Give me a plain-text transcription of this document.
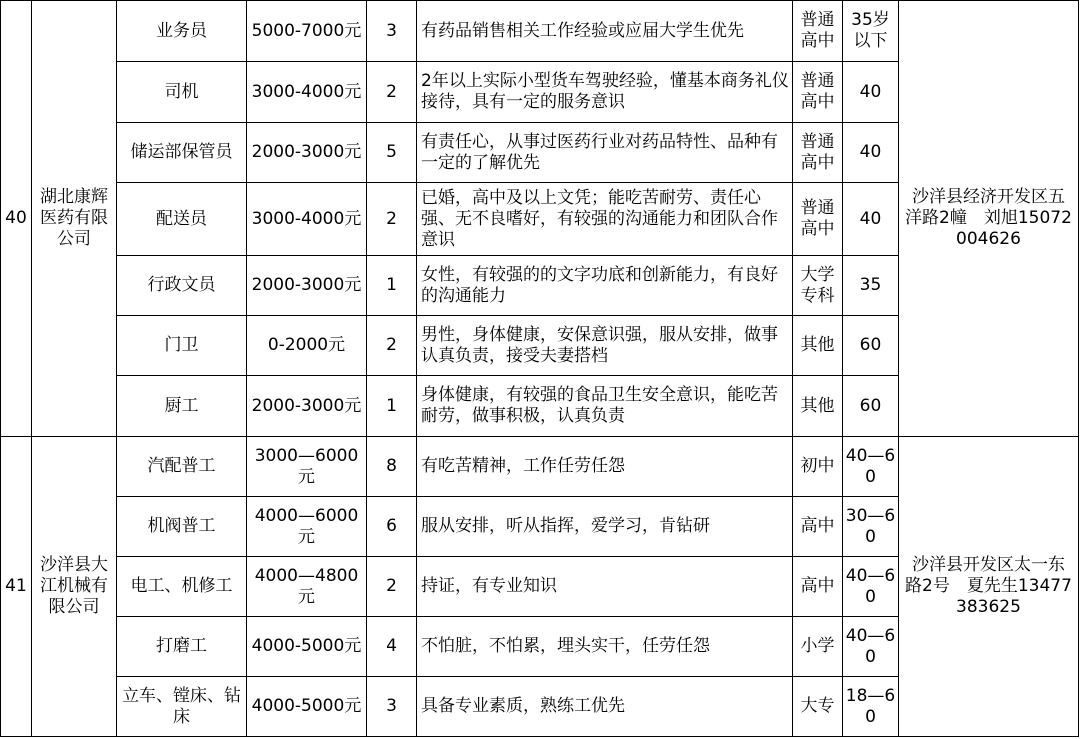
40	湖北康辉医药有限公司	业务员	5000-7000元	3	有药品销售相关工作经验或应届大学生优先	普通高中	35岁以下	沙洋县经济开发区五洋路2幢　刘旭15072004626
		司机	3000-4000元	2	2年以上实际小型货车驾驶经验，懂基本商务礼仪接待，具有一定的服务意识	普通高中	40	
		储运部保管员	2000-3000元	5	有责任心，从事过医药行业对药品特性、品种有一定的了解优先	普通高中	40	
		配送员	3000-4000元	2	已婚，高中及以上文凭；能吃苦耐劳、责任心强、无不良嗜好，有较强的沟通能力和团队合作意识	普通高中	40	
		行政文员	2000-3000元	1	女性，有较强的的文字功底和创新能力，有良好的沟通能力	大学专科	35	
		门卫	0-2000元	2	男性，身体健康，安保意识强，服从安排，做事认真负责，接受夫妻搭档	其他	60	
		厨工	2000-3000元	1	身体健康，有较强的食品卫生安全意识，能吃苦耐劳，做事积极，认真负责	其他	60	
41	沙洋县大江机械有限公司	汽配普工	3000—6000元	8	有吃苦精神，工作任劳任怨	初中	40—60	沙洋县开发区太一东路2号　夏先生13477383625
		机阀普工	4000—6000元	6	服从安排，听从指挥，爱学习，肯钻研	高中	30—60	
		电工、机修工	4000—4800元	2	持证，有专业知识	高中	40—60	
		打磨工	4000-5000元	4	不怕脏，不怕累，埋头实干，任劳任怨	小学	40—60	
		立车、镗床、钻床	4000-5000元	3	具备专业素质，熟练工优先	大专	18—60	
